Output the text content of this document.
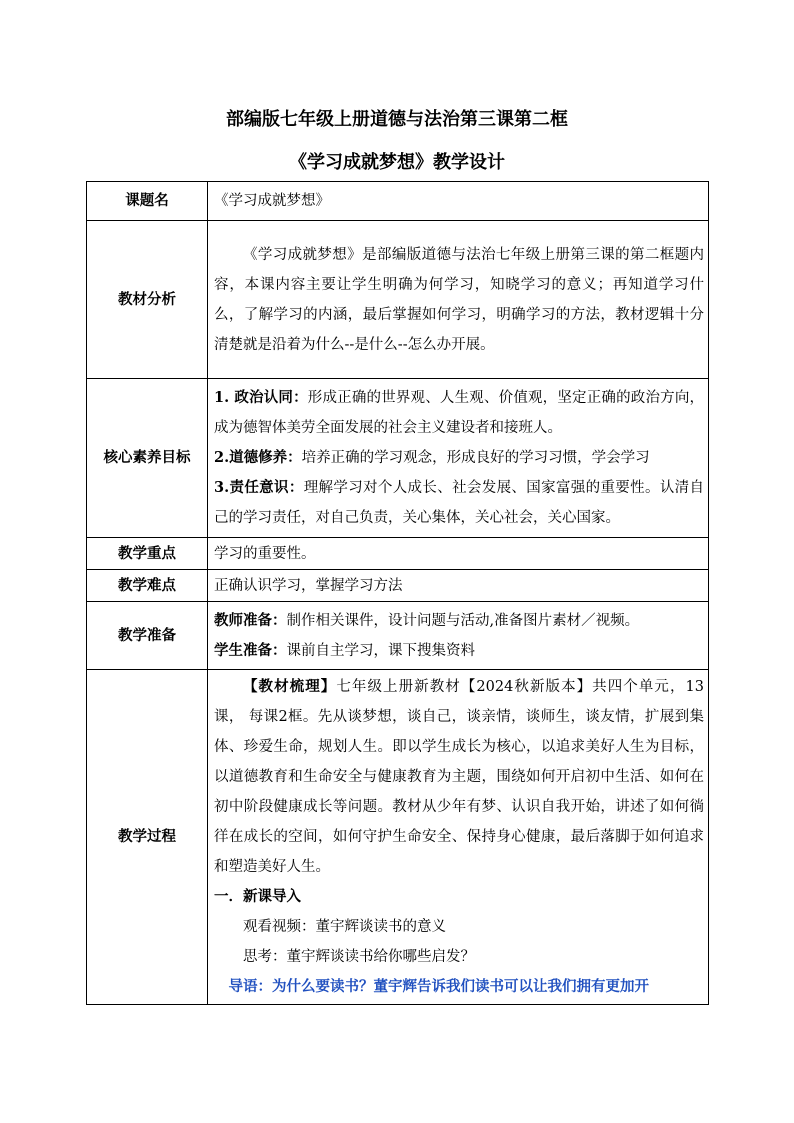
部编版七年级上册道德与法治第三课第二框
《学习成就梦想》教学设计
课题名	《学习成就梦想》
教材分析	《学习成就梦想》是部编版道德与法治七年级上册第三课的第二框题内容，本课内容主要让学生明确为何学习，知晓学习的意义；再知道学习什么，了解学习的内涵，最后掌握如何学习，明确学习的方法，教材逻辑十分清楚就是沿着为什么--是什么--怎么办开展。

核心素养目标	1. 政治认同：形成正确的世界观、人生观、价值观，坚定正确的政治方向，成为德智体美劳全面发展的社会主义建设者和接班人。

2.道德修养：培养正确的学习观念，形成良好的学习习惯，学会学习

3.责任意识：理解学习对个人成长、社会发展、国家富强的重要性。认清自己的学习责任，对自己负责，关心集体，关心社会，关心国家。

教学重点	学习的重要性。
教学难点	正确认识学习，掌握学习方法
教学准备	教师准备：制作相关课件，设计问题与活动,准备图片素材／视频。

学生准备：课前自主学习，课下搜集资料

教学过程	【教材梳理】七年级上册新教材【2024秋新版本】共四个单元，13课， 每课2框。先从谈梦想，谈自己，谈亲情，谈师生，谈友情，扩展到集体、珍爱生命，规划人生。即以学生成长为核心，以追求美好人生为目标，以道德教育和生命安全与健康教育为主题，围绕如何开启初中生活、如何在初中阶段健康成长等问题。教材从少年有梦、认识自我开始，讲述了如何徜徉在成长的空间，如何守护生命安全、保持身心健康，最后落脚于如何追求和塑造美好人生。

一．新课导入

观看视频：董宇辉谈读书的意义

思考：董宇辉谈读书给你哪些启发？

导语：为什么要读书？董宇辉告诉我们读书可以让我们拥有更加开
